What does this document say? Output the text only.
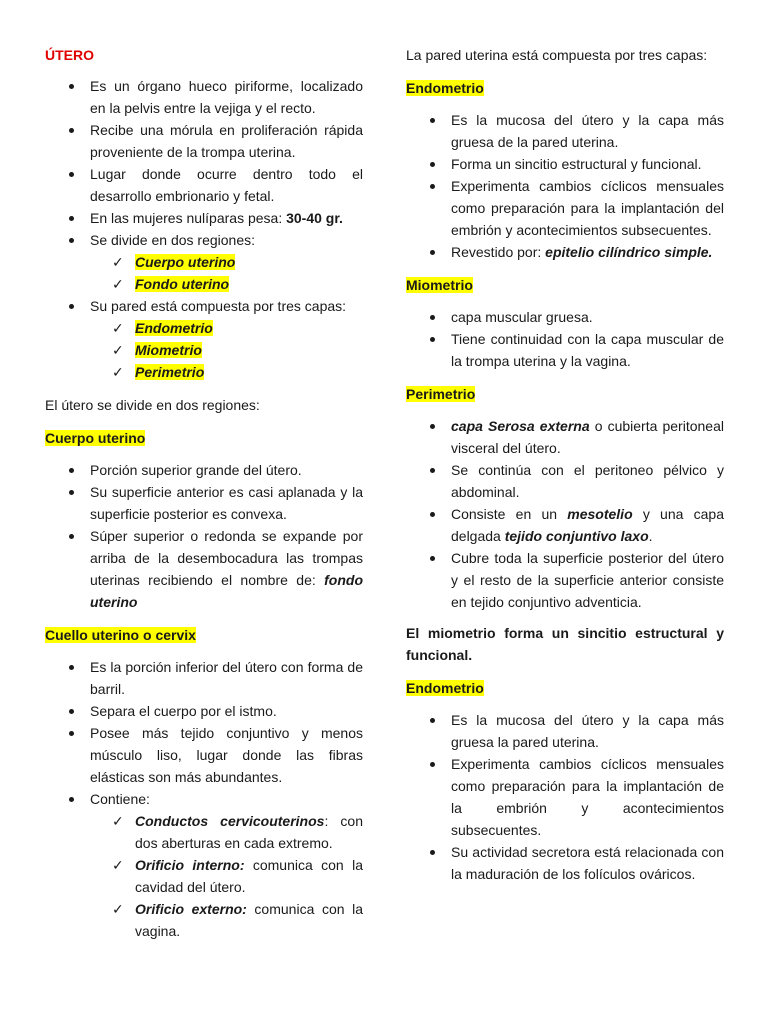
ÚTERO

Es un órgano hueco piriforme, localizado en la pelvis entre la vejiga y el recto.
Recibe una mórula en proliferación rápida proveniente de la trompa uterina.
Lugar donde ocurre dentro todo el desarrollo embrionario y fetal.
En las mujeres nulíparas pesa: 30-40 gr.
Se divide en dos regiones:
✓ Cuerpo uterino
✓ Fondo uterino
Su pared está compuesta por tres capas:
✓ Endometrio
✓ Miometrio
✓ Perimetrio

El útero se divide en dos regiones:

Cuerpo uterino

Porción superior grande del útero.
Su superficie anterior es casi aplanada y la superficie posterior es convexa.
Súper superior o redonda se expande por arriba de la desembocadura las trompas uterinas recibiendo el nombre de: fondo uterino

Cuello uterino o cervix

Es la porción inferior del útero con forma de barril.
Separa el cuerpo por el istmo.
Posee más tejido conjuntivo y menos músculo liso, lugar donde las fibras elásticas son más abundantes.
Contiene:
✓ Conductos cervicouterinos: con dos aberturas en cada extremo.
✓ Orificio interno: comunica con la cavidad del útero.
✓ Orificio externo: comunica con la vagina.

La pared uterina está compuesta por tres capas:

Endometrio

Es la mucosa del útero y la capa más gruesa de la pared uterina.
Forma un sincitio estructural y funcional.
Experimenta cambios cíclicos mensuales como preparación para la implantación del embrión y acontecimientos subsecuentes.
Revestido por: epitelio cilíndrico simple.

Miometrio

capa muscular gruesa.
Tiene continuidad con la capa muscular de la trompa uterina y la vagina.

Perimetrio

capa Serosa externa o cubierta peritoneal visceral del útero.
Se continúa con el peritoneo pélvico y abdominal.
Consiste en un mesotelio y una capa delgada tejido conjuntivo laxo.
Cubre toda la superficie posterior del útero y el resto de la superficie anterior consiste en tejido conjuntivo adventicia.

El miometrio forma un sincitio estructural y funcional.

Endometrio

Es la mucosa del útero y la capa más gruesa la pared uterina.
Experimenta cambios cíclicos mensuales como preparación para la implantación de la embrión y acontecimientos subsecuentes.
Su actividad secretora está relacionada con la maduración de los folículos ováricos.
